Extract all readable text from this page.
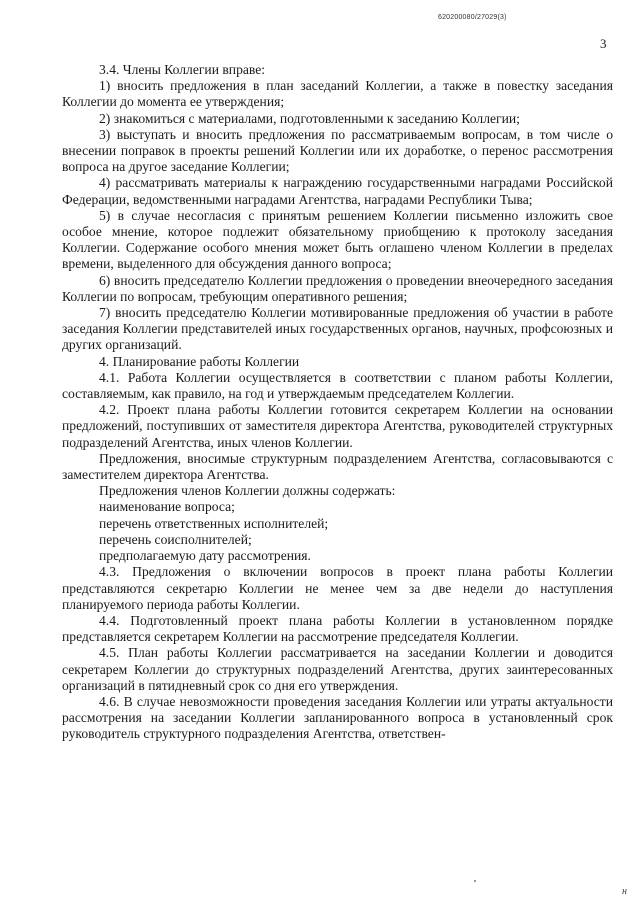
620200080/27029(3)
3

3.4. Члены Коллегии вправе:

1) вносить предложения в план заседаний Коллегии, а также в повестку заседания Коллегии до момента ее утверждения;

2) знакомиться с материалами, подготовленными к заседанию Коллегии;

3) выступать и вносить предложения по рассматриваемым вопросам, в том числе о внесении поправок в проекты решений Коллегии или их доработке, о перенос рассмотрения вопроса на другое заседание Коллегии;

4) рассматривать материалы к награждению государственными наградами Российской Федерации, ведомственными наградами Агентства, наградами Республики Тыва;

5) в случае несогласия с принятым решением Коллегии письменно изложить свое особое мнение, которое подлежит обязательному приобщению к протоколу заседания Коллегии. Содержание особого мнения может быть оглашено членом Коллегии в пределах времени, выделенного для обсуждения данного вопроса;

6) вносить председателю Коллегии предложения о проведении внеочередного заседания Коллегии по вопросам, требующим оперативного решения;

7) вносить председателю Коллегии мотивированные предложения об участии в работе заседания Коллегии представителей иных государственных органов, научных, профсоюзных и других организаций.

4. Планирование работы Коллегии

4.1. Работа Коллегии осуществляется в соответствии с планом работы Коллегии, составляемым, как правило, на год и утверждаемым председателем Коллегии.

4.2. Проект плана работы Коллегии готовится секретарем Коллегии на основании предложений, поступивших от заместителя директора Агентства, руководителей структурных подразделений Агентства, иных членов Коллегии.

Предложения, вносимые структурным подразделением Агентства, согласовываются с заместителем директора Агентства.

Предложения членов Коллегии должны содержать:

наименование вопроса;

перечень ответственных исполнителей;

перечень соисполнителей;

предполагаемую дату рассмотрения.

4.3. Предложения о включении вопросов в проект плана работы Коллегии представляются секретарю Коллегии не менее чем за две недели до наступления планируемого периода работы Коллегии.

4.4. Подготовленный проект плана работы Коллегии в установленном порядке представляется секретарем Коллегии на рассмотрение председателя Коллегии.

4.5. План работы Коллегии рассматривается на заседании Коллегии и доводится секретарем Коллегии до структурных подразделений Агентства, других заинтересованных организаций в пятидневный срок со дня его утверждения.

4.6. В случае невозможности проведения заседания Коллегии или утраты актуальности рассмотрения на заседании Коллегии запланированного вопроса в установленный срок руководитель структурного подразделения Агентства, ответствен-

н
